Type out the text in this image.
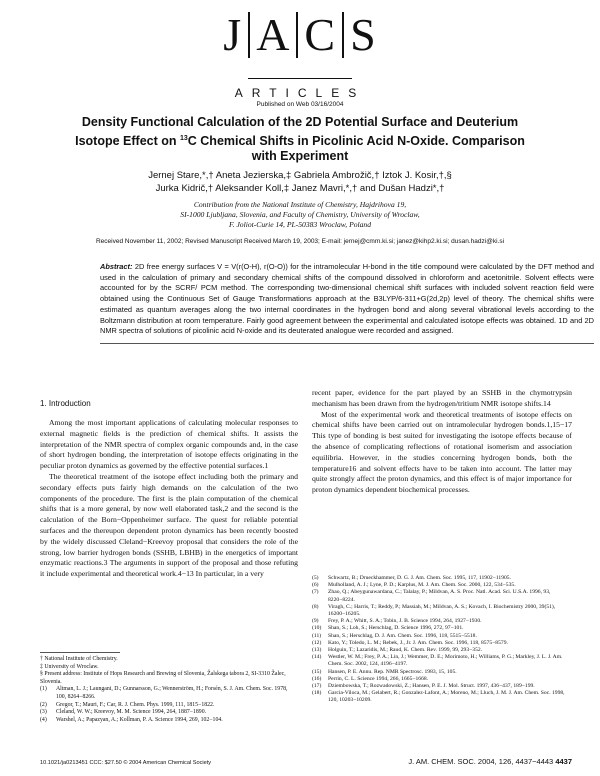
J A C S
ARTICLES
Published on Web 03/16/2004
Density Functional Calculation of the 2D Potential Surface and Deuterium Isotope Effect on $^{13}$C Chemical Shifts in Picolinic Acid N-Oxide. Comparison with Experiment
Jernej Stare,*,† Aneta Jezierska,‡ Gabriela Ambrožič,† Iztok J. Kosir,†,§
Jurka Kidrič,† Aleksander Koll,‡ Janez Mavri,*,† and Dušan Hadzi*,†
Contribution from the National Institute of Chemistry, Hajdrihova 19,
SI-1000 Ljubljana, Slovenia, and Faculty of Chemistry, University of Wroclaw,
F. Joliot-Curie 14, PL-50383 Wroclaw, Poland
Received November 11, 2002; Revised Manuscript Received March 19, 2003; E-mail: jernej@cmm.ki.si; janez@kihp2.ki.si; dusan.hadzi@ki.si
Abstract: 2D free energy surfaces V = V(r(O-H), r(O-O)) for the intramolecular H-bond in the title compound were calculated by the DFT method and used in the calculation of primary and secondary chemical shifts of the compound dissolved in chloroform and acetonitrile. Solvent effects were accounted for by the SCRF/ PCM method. The corresponding two-dimensional chemical shift surfaces with included solvent reaction field were obtained using the Continuous Set of Gauge Transformations approach at the B3LYP/6-311+G(2d,2p) level of theory. The chemical shifts were estimated as quantum averages along the two internal coordinates in the hydrogen bond and along several vibrational levels according to the Boltzmann distribution at room temperature. Fairly good agreement between the experimental and calculated isotope effects was obtained. 1D and 2D NMR spectra of solutions of picolinic acid N-oxide and its deuterated analogue were recorded and assigned.
1. Introduction

Among the most important applications of calculating molecular responses to external magnetic fields is the prediction of chemical shifts. It assists the interpretation of the NMR spectra of complex organic compounds and, in the case of short hydrogen bonding, the interpretation of isotope effects originating in the peculiar proton dynamics as governed by the effective potential surfaces.1

The theoretical treatment of the isotope effect including both the primary and secondary effects puts fairly high demands on the calculation of the two components of the procedure. The first is the plain computation of the chemical shifts that is a more general, by now well elaborated task,2 and the second is the calculation of the Born−Oppenheimer surface. The quest for reliable potential surfaces and the thereupon dependent proton dynamics has been recently boosted by the widely discussed Cleland−Kreevoy proposal that considers the role of the strong, low barrier hydrogen bonds (SSHB, LBHB) in the energetics of important enzymatic reactions.3 The arguments in support of the proposal and those refuting it include experimental and theoretical work.4−13 In particular, in a very

recent paper, evidence for the part played by an SSHB in the chymotrypsin mechanism has been drawn from the hydrogen/tritium NMR isotope shifts.14

Most of the experimental work and theoretical treatments of isotope effects on chemical shifts have been carried out on intramolecular hydrogen bonds.1,15−17 This type of bonding is best suited for investigating the isotope effects because of the absence of complicating reflections of rotational isomerism and association equilibria. However, in the studies concerning hydrogen bonds, both the temperature16 and solvent effects have to be taken into account. The latter may quite strongly affect the proton dynamics, and this effect is of major importance for proton dynamics dependent biochemical processes.

† National Institute of Chemistry.
‡ University of Wroclaw.
§ Present address: Institute of Hops Research and Brewing of Slovenia, Žalskega tabora 2, SI-3310 Žalec, Slovenia.
(1)	Altman, L. J.; Laungani, D.; Gunnarsson, G.; Wennerström, H.; Forsén, S. J. Am. Chem. Soc. 1978, 100, 8264−8266.
(2)	Gregor, T.; Mauri, F.; Car, R. J. Chem. Phys. 1999, 111, 1815−1822.
(3)	Cleland, W. W.; Kreevoy, M. M. Science 1994, 264, 1887−1890.
(4)	Warshel, A.; Papazyan, A.; Kollman, P. A. Science 1994, 269, 102−104.
(5)	Schwartz, B.; Drueckhammer, D. G. J. Am. Chem. Soc. 1995, 117, 11902−11905.
(6)	Mulholland, A. J.; Lyne, P. D.; Karplus, M. J. Am. Chem. Soc. 2000, 122, 534−535.
(7)	Zhao, Q.; Abeygunawardana, C.; Talalay, P.; Mildvan, A. S. Proc. Natl. Acad. Sci. U.S.A. 1996, 93, 8220−8224.
(8)	Viragh, C.; Harris, T.; Reddy, P.; Massiah, M.; Mildvan, A. S.; Kovach, I. Biochemistry 2000, 39(51), 16200−16205.
(9)	Frey, P. A.; Whitt, S. A.; Tobin, J. B. Science 1994, 264, 1927−1930.
(10)	Shan, S.; Loh, S.; Herschlag, D. Science 1996, 272, 97−101.
(11)	Shan, S.; Herschlag, D. J. Am. Chem. Soc. 1996, 118, 5515−5518.
(12)	Kato, Y.; Toledo, L. M.; Rebek, J., Jr. J. Am. Chem. Soc. 1996, 118, 8575−8579.
(13)	Holguin, T.; Lazaridis, M.; Raud, K. Chem. Rev. 1999, 99, 293−352.
(14)	Westler, W. M.; Frey, P. A.; Lin, J.; Wemmer, D. E.; Morimoto, H.; Williams, P. G.; Markley, J. L. J. Am. Chem. Soc. 2002, 124, 4196−4197.
(15)	Hansen, P. E. Annu. Rep. NMR Spectrosc. 1983, 15, 105.
(16)	Perrin, C. L. Science 1994, 266, 1665−1668.
(17)	Dziembowska, T.; Rozwadowski, Z.; Hansen, P. E. J. Mol. Struct. 1997, 436−437, 189−199.
(18)	Garcia-Viloca, M.; Gelabert, R.; Gonzalez-Lafont, A.; Moreno, M.; Lluch, J. M. J. Am. Chem. Soc. 1998, 120, 10203−10209.
10.1021/ja0213451 CCC: $27.50 © 2004 American Chemical Society	J. AM. CHEM. SOC. 2004, 126, 4437−4443 4437
